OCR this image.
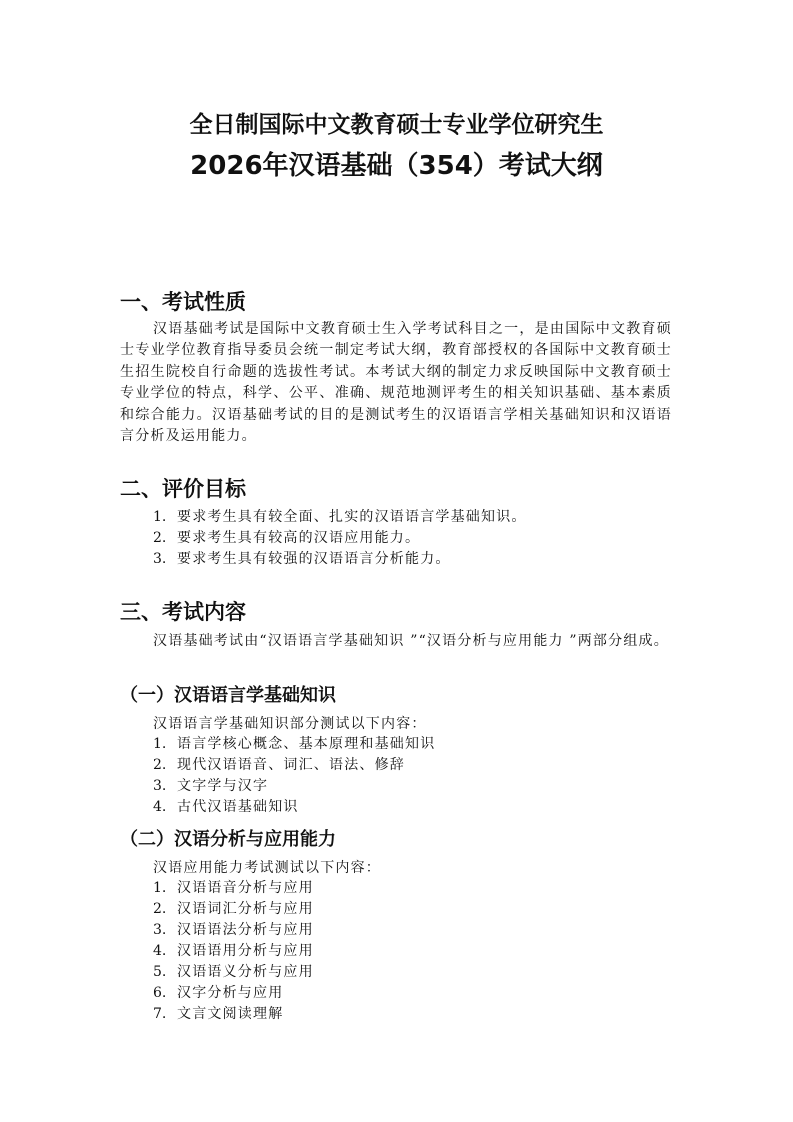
全日制国际中文教育硕士专业学位研究生
2026年汉语基础（354）考试大纲
一、考试性质
汉语基础考试是国际中文教育硕士生入学考试科目之一，是由国际中文教育硕士专业学位教育指导委员会统一制定考试大纲，教育部授权的各国际中文教育硕士生招生院校自行命题的选拔性考试。本考试大纲的制定力求反映国际中文教育硕士专业学位的特点，科学、公平、准确、规范地测评考生的相关知识基础、基本素质和综合能力。汉语基础考试的目的是测试考生的汉语语言学相关基础知识和汉语语言分析及运用能力。
二、评价目标
1. 要求考生具有较全面、扎实的汉语语言学基础知识。
2. 要求考生具有较高的汉语应用能力。
3. 要求考生具有较强的汉语语言分析能力。
三、考试内容
汉语基础考试由“汉语语言学基础知识 ”“汉语分析与应用能力 ”两部分组成。
（一）汉语语言学基础知识
汉语语言学基础知识部分测试以下内容：
1. 语言学核心概念、基本原理和基础知识
2. 现代汉语语音、词汇、语法、修辞
3. 文字学与汉字
4. 古代汉语基础知识
（二）汉语分析与应用能力
汉语应用能力考试测试以下内容：
1. 汉语语音分析与应用
2. 汉语词汇分析与应用
3. 汉语语法分析与应用
4. 汉语语用分析与应用
5. 汉语语义分析与应用
6. 汉字分析与应用
7. 文言文阅读理解
